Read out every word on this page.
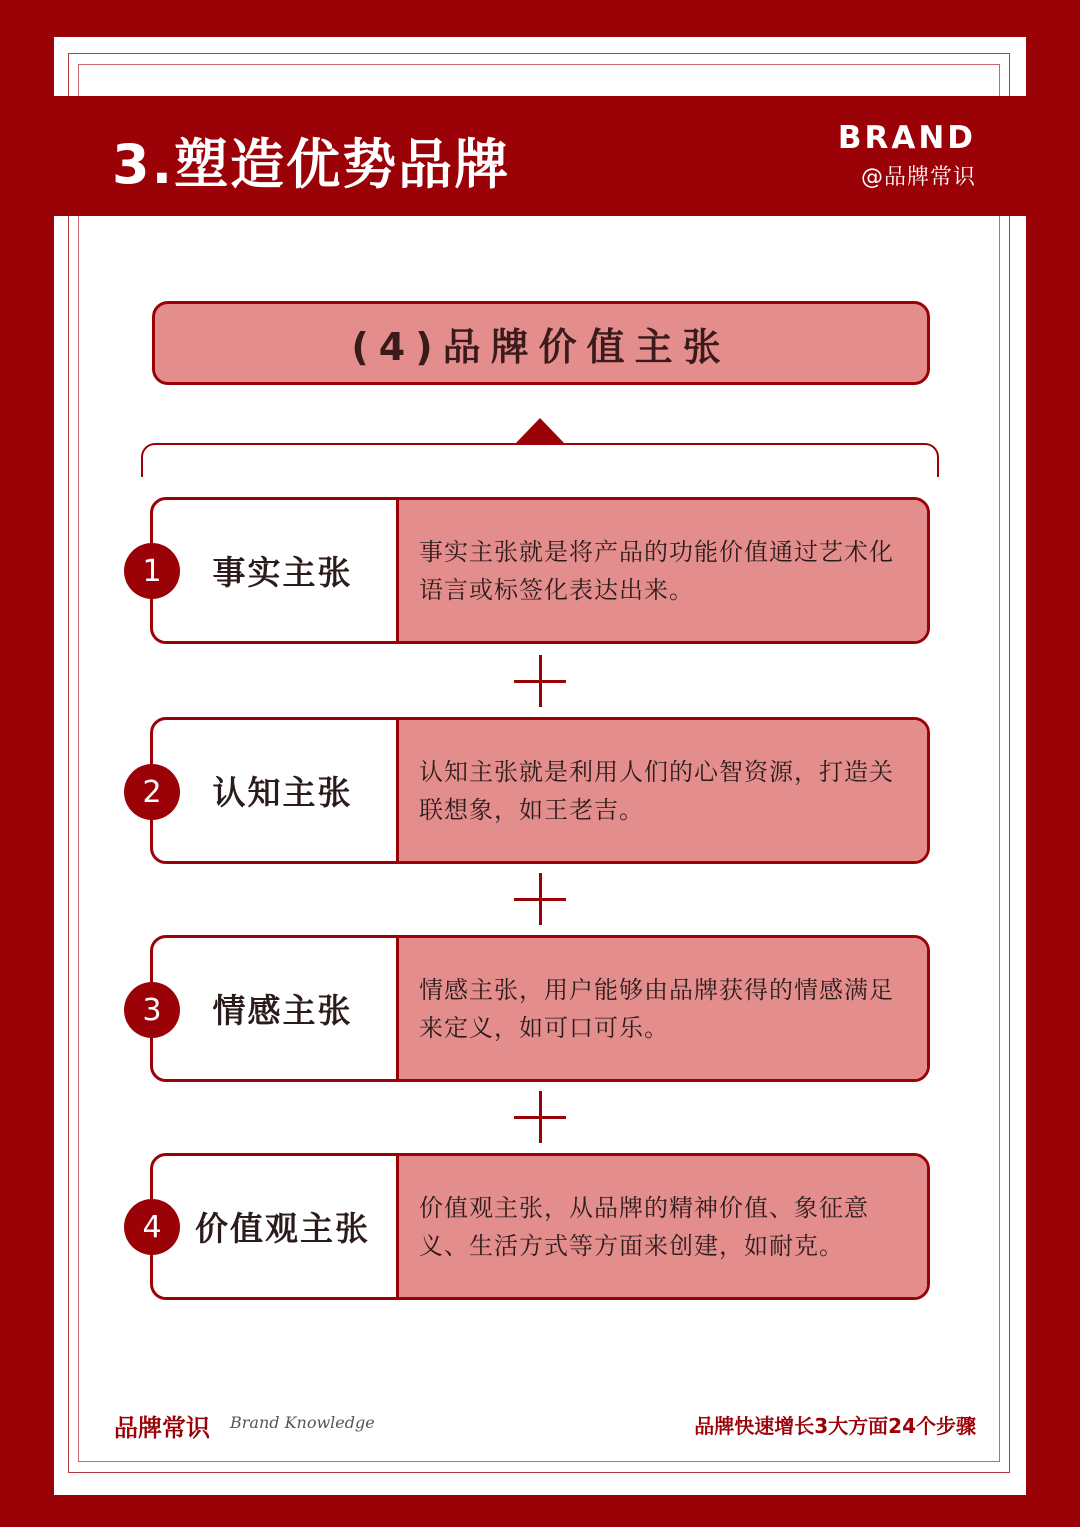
3.塑造优势品牌	BRAND
@品牌常识
(4)品牌价值主张
事实主张
事实主张就是将产品的功能价值通过艺术化语言或标签化表达出来。
1
认知主张
认知主张就是利用人们的心智资源，打造关联想象，如王老吉。
2
情感主张
情感主张，用户能够由品牌获得的情感满足来定义，如可口可乐。
3
价值观主张
价值观主张，从品牌的精神价值、象征意义、生活方式等方面来创建，如耐克。
4
品牌常识 Brand Knowledge	品牌快速增长3大方面24个步骤
